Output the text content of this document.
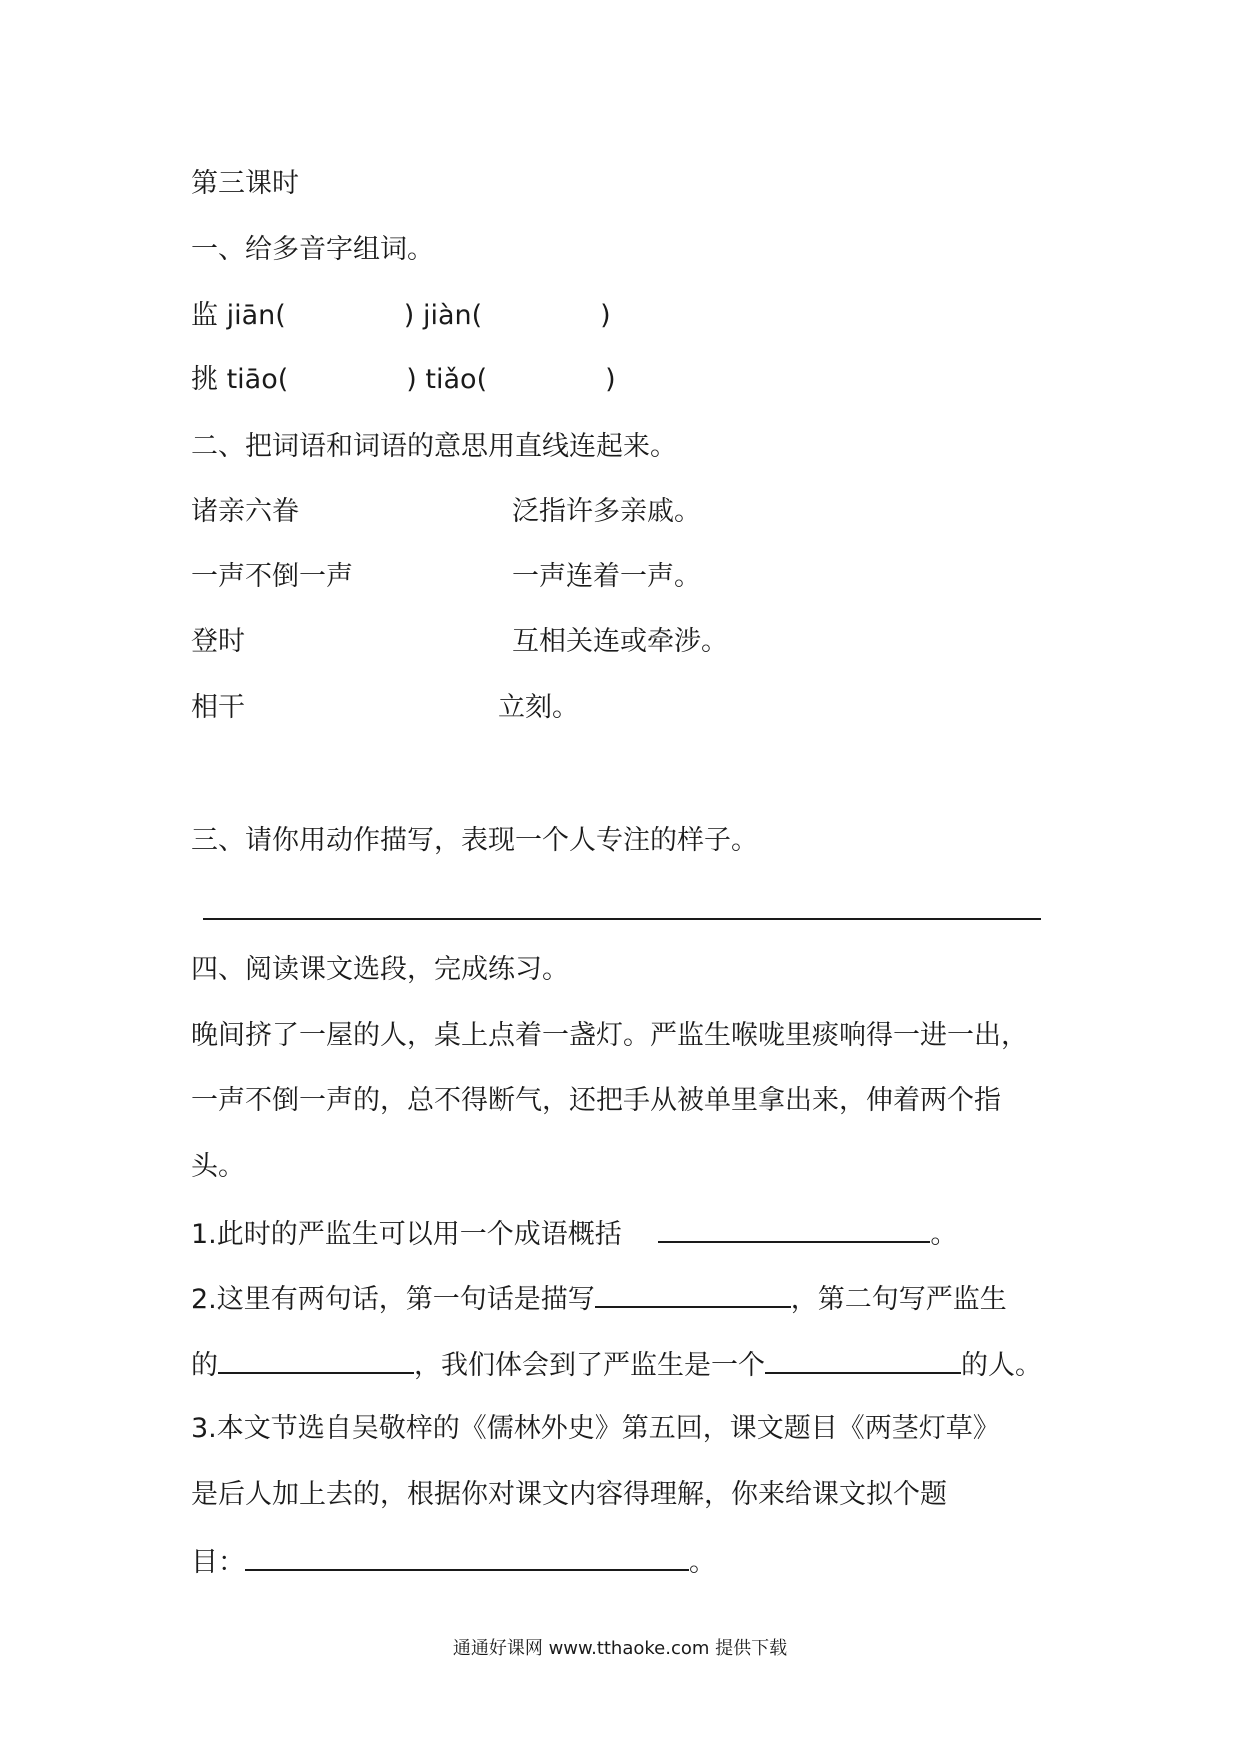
第三课时
一、给多音字组词。
监 jiān(	) jiàn(	)
挑 tiāo(	) tiǎo(	)
二、把词语和词语的意思用直线连起来。
诸亲六眷	泛指许多亲戚。
一声不倒一声	一声连着一声。
登时	互相关连或牵涉。
相干	立刻。
三、请你用动作描写，表现一个人专注的样子。
四、阅读课文选段，完成练习。
晚间挤了一屋的人，桌上点着一盏灯。严监生喉咙里痰响得一进一出，
一声不倒一声的，总不得断气，还把手从被单里拿出来，伸着两个指
头。
1.此时的严监生可以用一个成语概括	。
2.这里有两句话，第一句话是描写	，第二句写严监生
的	，我们体会到了严监生是一个	的人。
3.本文节选自吴敬梓的《儒林外史》第五回，课文题目《两茎灯草》
是后人加上去的，根据你对课文内容得理解，你来给课文拟个题
目：	。
通通好课网 www.tthaoke.com 提供下载
